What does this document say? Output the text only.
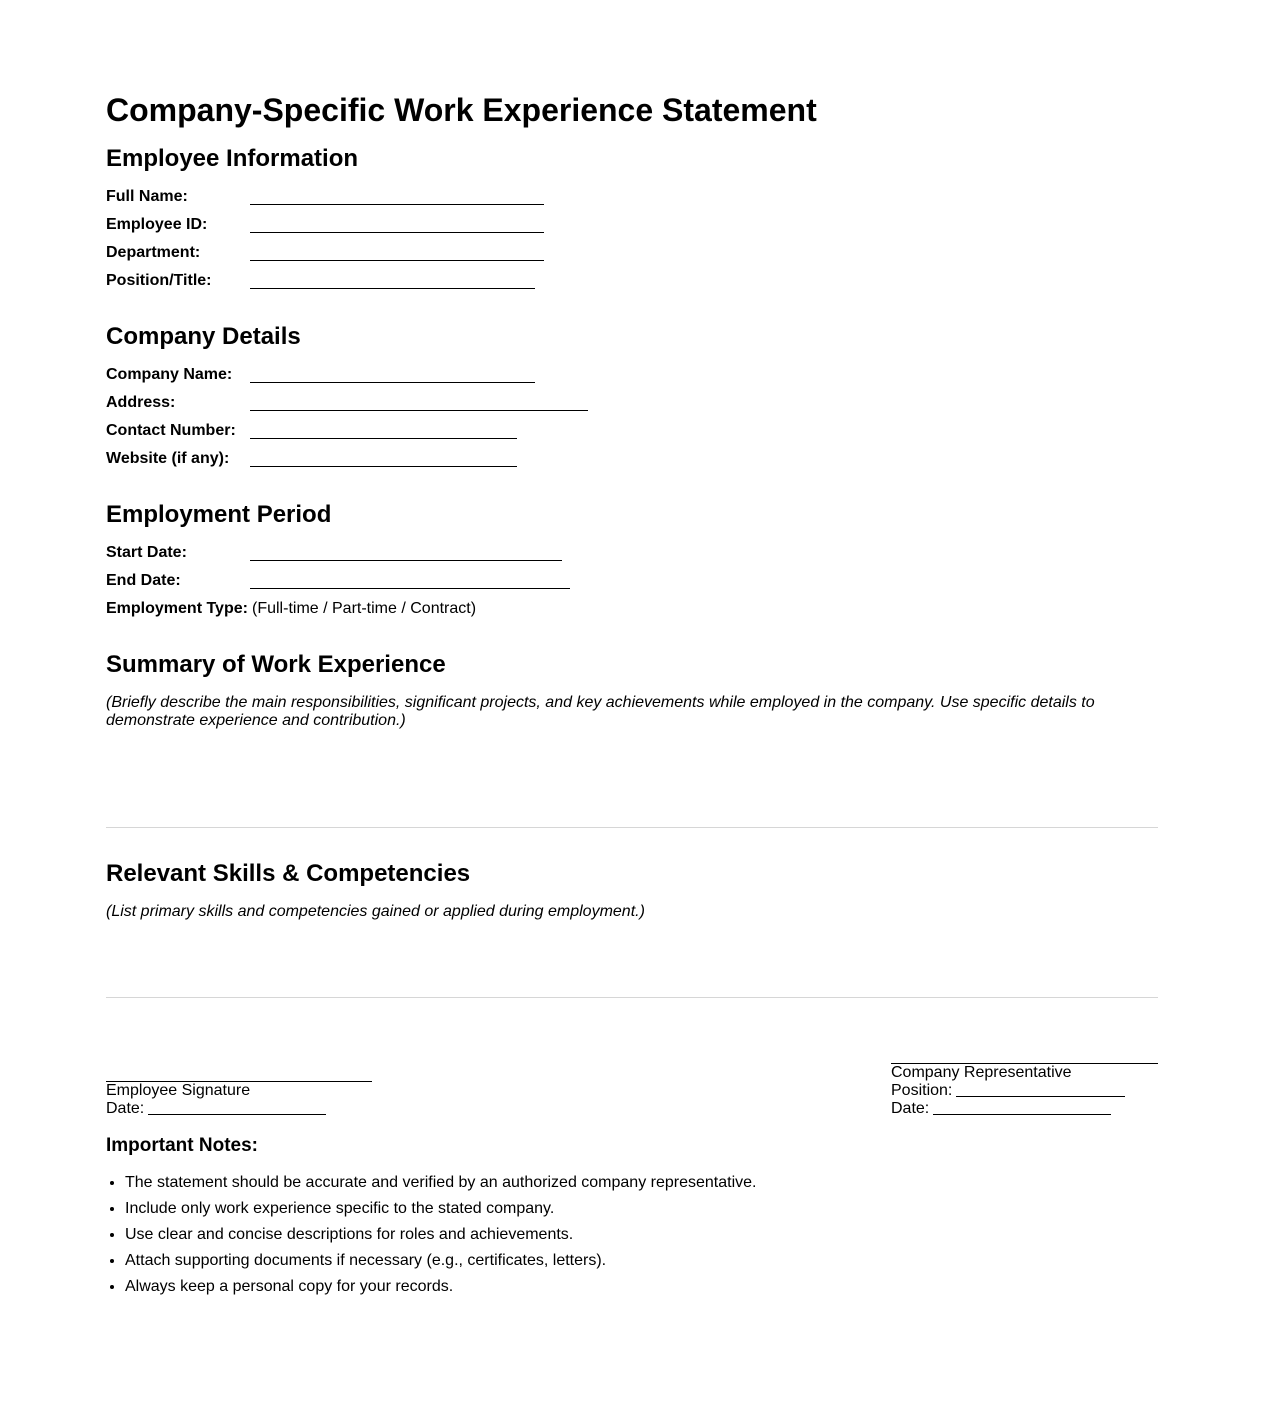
Company-Specific Work Experience Statement
Employee Information
Full Name:
Employee ID:
Department:
Position/Title:
Company Details
Company Name:
Address:
Contact Number:
Website (if any):
Employment Period
Start Date:
End Date:
Employment Type: (Full-time / Part-time / Contract)
Summary of Work Experience

(Briefly describe the main responsibilities, significant projects, and key achievements while employed in the company. Use specific details to demonstrate experience and contribution.)

Relevant Skills & Competencies

(List primary skills and competencies gained or applied during employment.)

Employee Signature
Date:
Company Representative
Position:
Date:
Important Notes:
• The statement should be accurate and verified by an authorized company representative.
• Include only work experience specific to the stated company.
• Use clear and concise descriptions for roles and achievements.
• Attach supporting documents if necessary (e.g., certificates, letters).
• Always keep a personal copy for your records.
